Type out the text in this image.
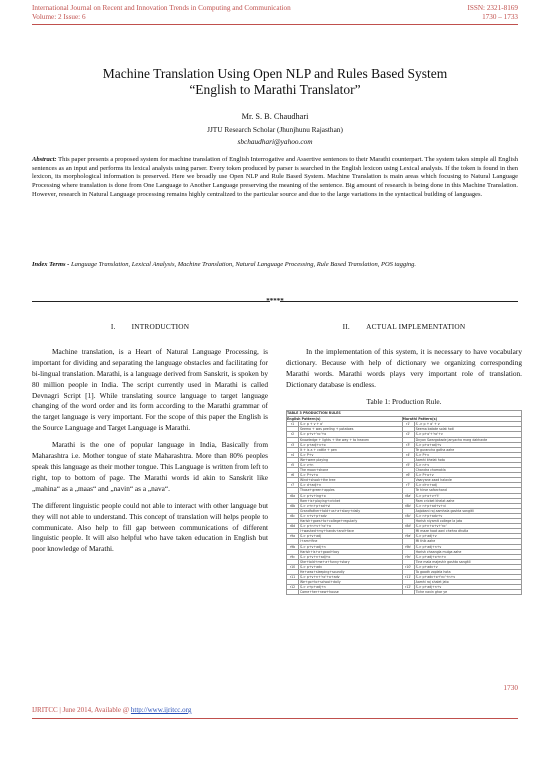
International Journal on Recent and Innovation Trends in Computing and Communication	ISSN: 2321-8169
Volume: 2 Issue: 6	1730 – 1733
Machine Translation Using Open NLP and Rules Based System
“English to Marathi Translator”
Mr. S. B. Chaudhari
JJTU Research Scholar (Jhunjhunu Rajasthan)
sbchaudhari@yahoo.com
Abstract: This paper presents a proposed system for machine translation of English Interrogative and Assertive sentences to their Marathi counterpart. The system takes simple all English sentences as an input and performs its lexical analysis using parser. Every token produced by parser is searched in the English lexicon using Lexical analysis. If the token is found in then lexicon, its morphological information is preserved. Here we broadly use Open NLP and Rule Based System. Machine Translation is main areas which focusing to Natural Language Processing where translation is done from One Language to Another Language preserving the meaning of the sentence. Big amount of research is being done in this Machine Translation. However, research in Natural Language processing remains highly centralized to the particular source and due to the large variations in the syntactical building of languages.
Index Terms - Language Translation, Lexical Analysis, Machine Translation, Natural Language Processing, Rule Based Translation, POS tagging.
*****
I.        INTRODUCTION

Machine translation, is a Heart of Natural Language Processing, is important for dividing and separating the language obstacles and facilitating for bi-lingual translation. Marathi, is a language derived from Sanskrit, is spoken by 80 million people in India. The script currently used in Marathi is called Devnagri Script [1]. While translating source language to target language changing of the word order and its form according to the Marathi grammar of the target language is very important. For the scope of this paper the English is the Source Language and Target Language is Marathi.

Marathi is the one of popular language in India, Basically from Maharashtra i.e. Mother tongue of state Maharashtra. More than 80% peoples speak this language as their mother tongue. This Language is written from left to right, top to bottom of page. The Marathi words id akin to Sanskrit like „mahina“ as a „maas“ and „navin“ as a „nava“.

The different linguistic people could not able to interact with other language but they will not able to understand. This concept of translation will helps people to communicate. Also help to fill gap between communications of different linguistic people. It will also helpful who have taken education in English but poor knowledge of Marathi.

II.        ACTUAL IMPLEMENTATION

In the implementation of this system, it is necessary to have vocabulary dictionary. Because with help of dictionary we organizing corresponding Marathi words. Marathi words plays very important role of translation. Dictionary database is endless.

Table 1: Production Rule.
TABLE 3 PRODUCTION RULES			
English Pattern(s)		Marathi Pattern(s)	
r1	S-> p + v + o'	r1'	S -> p + o' + v
	Seema + was peeling + potatoes		Seema batate solat hoti
r2	S-> p+v+'nc'+o	r2'	S-> p+o'+'nc'+v
	Knowledge + lights + the way + to heaven		Dnyan Swargakade janyacha marg dakhavte
r3	S-> p+adj+v+o	r3'	S-> p+o+adj+v
	It + is a + cattle + pen		Te gurancha gotha aahe
r4	S-> P+v	r4'	S-> P+v
	We+were playing		Aamhi khelat hoto
r5	S-> v+n	r5'	S-> n+v
	The moon+shone		Chandra chamakla
r6	S-> P+v+o	r6'	S-> P+o+v
	Wind+shook+the tree		Vaaryane zaad halavle
r7	S-> d+adj+n	r7'	S-> d+n+adj
	Those+green+apples		Te hirve safarchand
r8a	S-> p+v+ing+o	r8a'	S-> p+o+v+'t'
	Ram+is+playing+cricket		Ram cricket khelat aahe
r8b	S-> v+n+p+ad+vi	r8b'	S-> n+p+ad+v+vi
	Grandfather+told+us+a+story+daily		Aajobani roj aamhala goshta sangitli
r8c	S-> n+v+p+adv	r8c'	S-> n+p+adv+v
	Harish+goes+to+college+regularly		Harish niyamit college la jato
r8d	S-> p+n+v+'nc'+o	r8d'	S-> p+n+o+v+'nc'
	I+washed+my+hands+and+face		Mi maze haat aani chehra dhutla
r9a	S-> p+v+adj	r9a'	S-> p+adj+v
	I+am+fine		Mi thik aahe
r9b	S-> p+v+adj+n	r9b'	S-> p+adj+n+v
	Harish+is+a+good+boy		Harish chaangla mulga aahe
r9c	S-> p+v+n+adj+o	r9c'	S-> p+adj+o+n+v
	She+told+me+a+funny+story		Tine mala majeshir goshta sangitli
r10	S-> p+v+adv	r10'	S-> p+adv+v
	He+was+sleeping+soundly		To gaadh zoplela hota
r11	S-> p+v+n+'nc'+o+adv	r11'	S-> p+adv+o+'nc'+n+v
	We+go+to+school+daily		Aamhi roj shalet jato
r12	S-> v+p+adj+n	r12'	S-> p+adj+n+v
	Come+her+new+house		Tiche navin ghar ye
1730
IJRITCC | June 2014, Available @ http://www.ijritcc.org
